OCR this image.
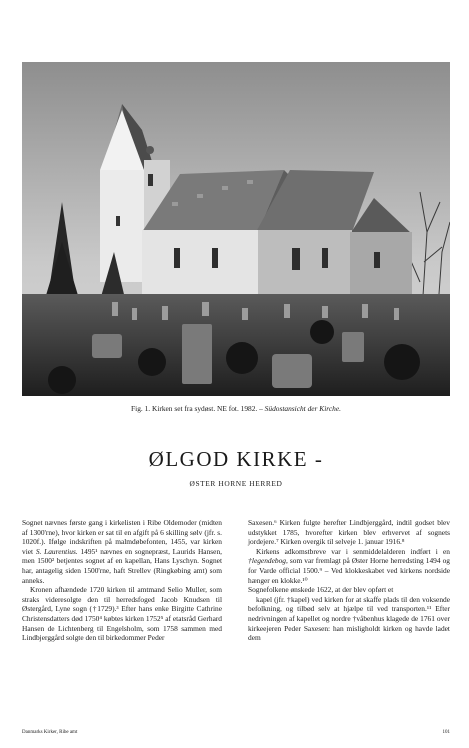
Fig. 1. Kirken set fra sydøst. NE fot. 1982. – Südostansicht der Kirche.
ØLGOD KIRKE -
ØSTER HORNE HERRED

Sognet nævnes første gang i kirkelisten i Ribe Oldemoder (midten af 1300'rne), hvor kirken er sat til en afgift på 6 skilling sølv (jfr. s. 1020f.). Ifølge indskriften på malmdøbefonten, 1455, var kirken viet S. Laurentius. 1495¹ nævnes en sognepræst, Laurids Hansen, men 1500² betjentes sognet af en kapellan, Hans Lyschyn. Sognet har, antagelig siden 1500'rne, haft Strellev (Ringkøbing amt) som anneks.

Kronen afhændede 1720 kirken til amtmand Selio Muller, som straks videresolgte den til herredsfoged Jacob Knudsen til Østergård, Lyne sogn (†1729).³ Efter hans enke Birgitte Cathrine Christensdatters død 1750⁴ købtes kirken 1752⁵ af etatsråd Gerhard Hansen de Lichtenberg til Engelsholm, som 1758 sammen med Lindbjerggård solgte den til birkedommer Peder

Saxesen.⁶ Kirken fulgte herefter Lindbjerggård, indtil godset blev udstykket 1785, hvorefter kirken blev erhvervet af sognets jordejere.⁷ Kirken overgik til selveje 1. januar 1916.⁸

Kirkens adkomstbreve var i senmiddelalderen indført i en †legendebog, som var fremlagt på Øster Horne herredsting 1494 og for Varde official 1500.⁹ – Ved klokkeskabet ved kirkens nordside hænger en klokke.¹⁰

Sognefolkene ønskede 1622, at der blev opført et

kapel (jfr. †kapel) ved kirken for at skaffe plads til den voksende befolkning, og tilbød selv at hjælpe til ved transporten.¹¹ Efter nedrivningen af kapellet og nordre †våbenhus klagede de 1761 over kirkeejeren Peder Saxesen: han misligholdt kirken og havde ladet dem

Danmarks Kirker, Ribe amt	101
